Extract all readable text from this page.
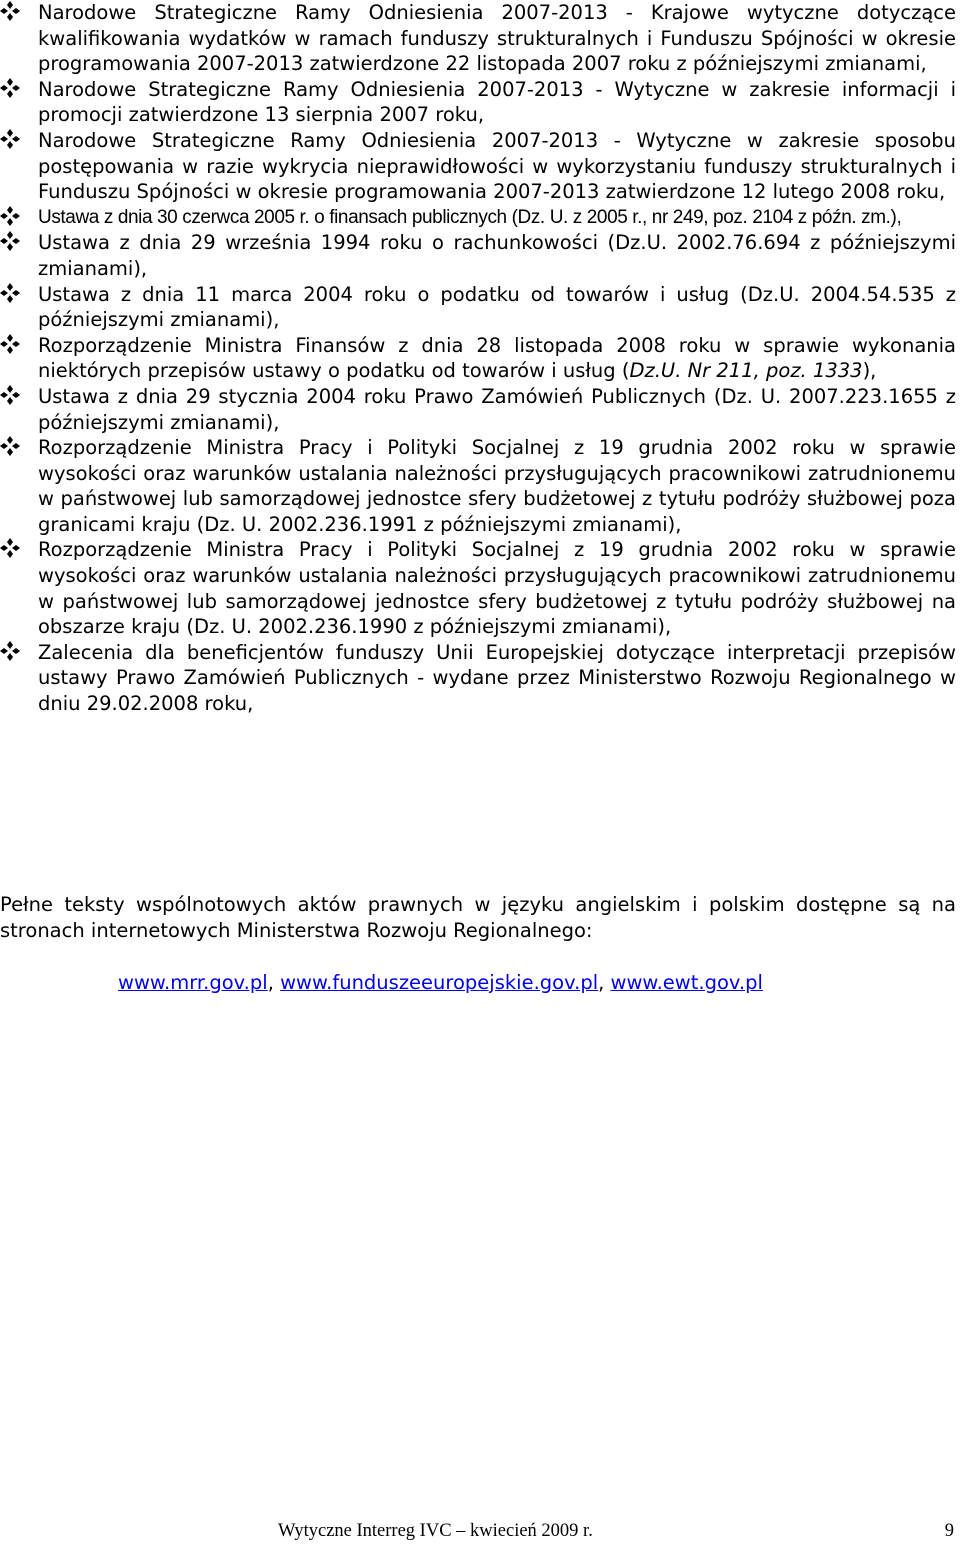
Narodowe Strategiczne Ramy Odniesienia 2007-2013 - Krajowe wytyczne dotyczące kwalifikowania wydatków w ramach funduszy strukturalnych i Funduszu Spójności w okresie programowania 2007-2013 zatwierdzone 22 listopada 2007 roku z późniejszymi zmianami,
Narodowe Strategiczne Ramy Odniesienia 2007-2013 - Wytyczne w zakresie informacji i promocji zatwierdzone 13 sierpnia 2007 roku,
Narodowe Strategiczne Ramy Odniesienia 2007-2013 - Wytyczne w zakresie sposobu postępowania w razie wykrycia nieprawidłowości w wykorzystaniu funduszy strukturalnych i Funduszu Spójności w okresie programowania 2007-2013 zatwierdzone 12 lutego 2008 roku,
Ustawa z dnia 30 czerwca 2005 r. o finansach publicznych (Dz. U. z 2005 r., nr 249, poz. 2104 z późn. zm.),
Ustawa z dnia 29 września 1994 roku o rachunkowości (Dz.U. 2002.76.694 z późniejszymi zmianami),
Ustawa z dnia 11 marca 2004 roku o podatku od towarów i usług (Dz.U. 2004.54.535 z późniejszymi zmianami),
Rozporządzenie Ministra Finansów z dnia 28 listopada 2008 roku w sprawie wykonania niektórych przepisów ustawy o podatku od towarów i usług (Dz.U. Nr 211, poz. 1333),
Ustawa z dnia 29 stycznia 2004 roku Prawo Zamówień Publicznych (Dz. U. 2007.223.1655 z późniejszymi zmianami),
Rozporządzenie Ministra Pracy i Polityki Socjalnej z 19 grudnia 2002 roku w sprawie wysokości oraz warunków ustalania należności przysługujących pracownikowi zatrudnionemu w państwowej lub samorządowej jednostce sfery budżetowej z tytułu podróży służbowej poza granicami kraju (Dz. U. 2002.236.1991 z późniejszymi zmianami),
Rozporządzenie Ministra Pracy i Polityki Socjalnej z 19 grudnia 2002 roku w sprawie wysokości oraz warunków ustalania należności przysługujących pracownikowi zatrudnionemu w państwowej lub samorządowej jednostce sfery budżetowej z tytułu podróży służbowej na obszarze kraju (Dz. U. 2002.236.1990 z późniejszymi zmianami),
Zalecenia dla beneficjentów funduszy Unii Europejskiej dotyczące interpretacji przepisów ustawy Prawo Zamówień Publicznych - wydane przez Ministerstwo Rozwoju Regionalnego w dniu 29.02.2008 roku,

Pełne teksty wspólnotowych aktów prawnych w języku angielskim i polskim dostępne są na stronach internetowych Ministerstwa Rozwoju Regionalnego:

www.mrr.gov.pl, www.funduszeeuropejskie.gov.pl, www.ewt.gov.pl

Wytyczne Interreg IVC – kwiecień 2009 r.	9
